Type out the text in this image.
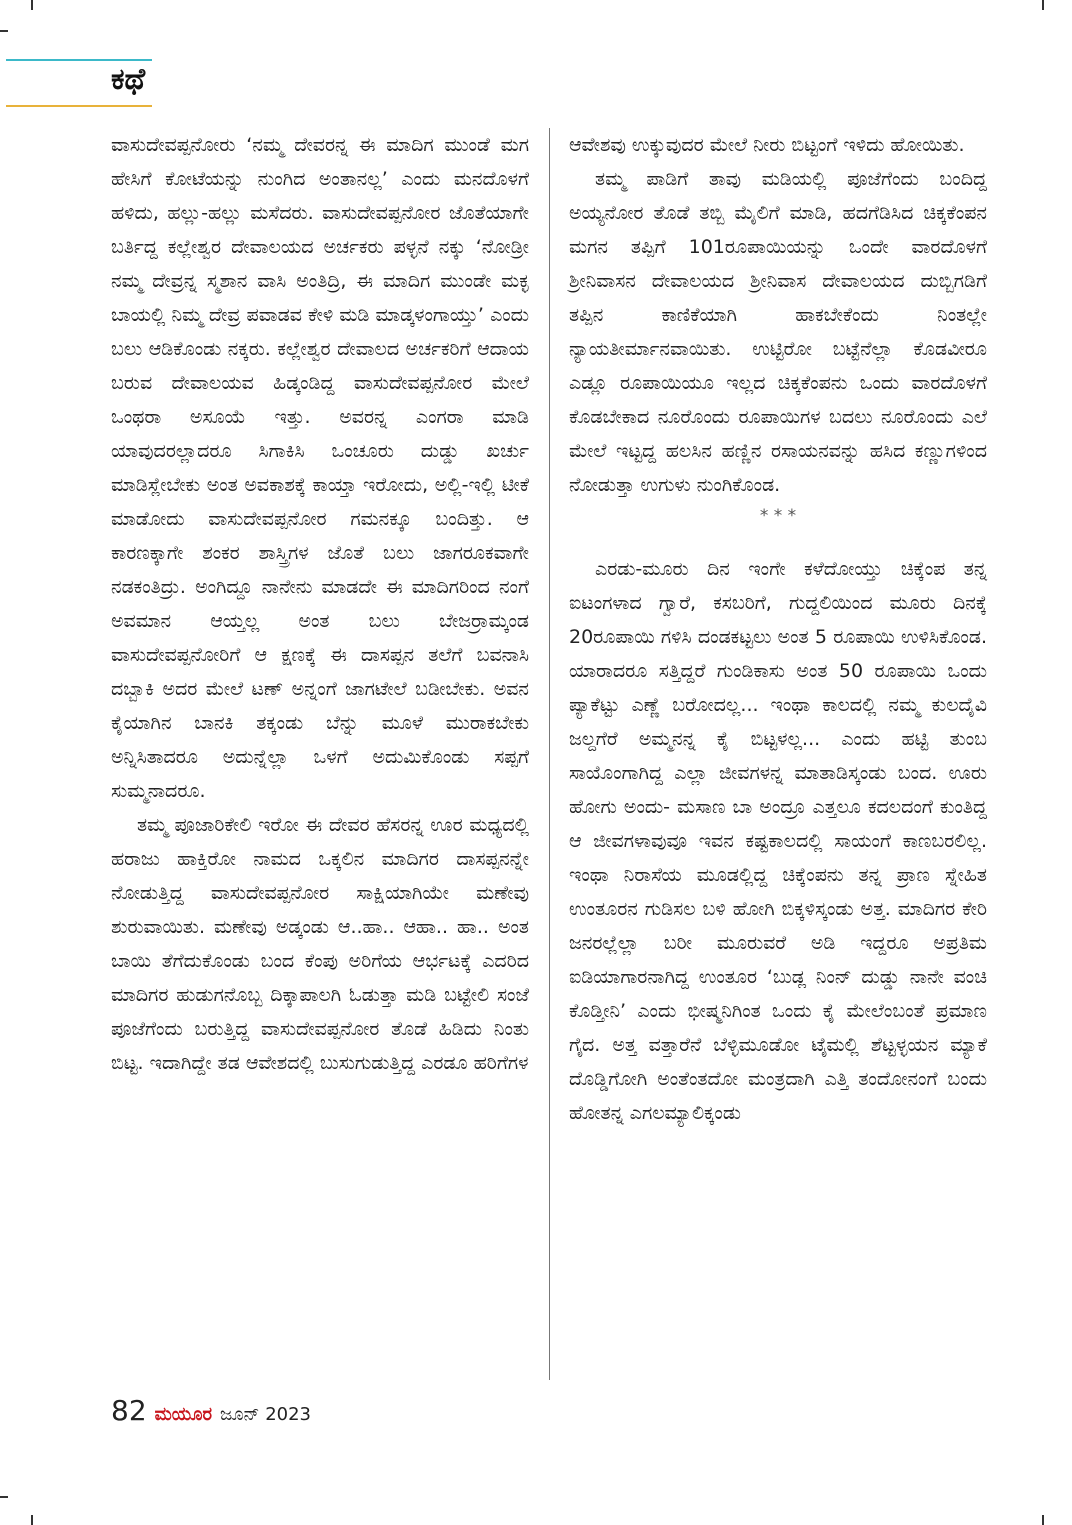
ಕಥೆ

ವಾಸುದೇವಪ್ಪನೋರು ‘ನಮ್ಮ ದೇವರನ್ನ ಈ ಮಾದಿಗ ಮುಂಡೆ ಮಗ ಹೇಸಿಗೆ ಕೋಟೆಯನ್ನು ನುಂಗಿದ ಅಂತಾನಲ್ಲ’ ಎಂದು ಮನದೊಳಗೆ ಹಳಿದು, ಹಲ್ಲು-ಹಲ್ಲು ಮಸೆದರು. ವಾಸುದೇವಪ್ಪನೋರ ಜೊತೆಯಾಗೇ ಬರ್ತಿದ್ದ ಕಲ್ಲೇಶ್ವರ ದೇವಾಲಯದ ಅರ್ಚಕರು ಪಳ್ಳನೆ ನಕ್ಕು ‘ನೋಡ್ರೀ ನಮ್ಮ ದೇವ್ರನ್ನ ಸ್ಮಶಾನ ವಾಸಿ ಅಂತಿದ್ರಿ, ಈ ಮಾದಿಗ ಮುಂಡೇ ಮಕ್ಳ ಬಾಯಲ್ಲಿ ನಿಮ್ಮ ದೇವ್ರ ಪವಾಡವ ಕೇಳಿ ಮಡಿ ಮಾಡ್ಕಳಂಗಾಯ್ತು’ ಎಂದು ಬಲು ಆಡಿಕೊಂಡು ನಕ್ಕರು. ಕಲ್ಲೇಶ್ವರ ದೇವಾಲದ ಅರ್ಚಕರಿಗೆ ಆದಾಯ ಬರುವ ದೇವಾಲಯವ ಹಿಡ್ಕಂಡಿದ್ದ ವಾಸುದೇವಪ್ಪನೋರ ಮೇಲೆ ಒಂಥರಾ ಅಸೂಯೆ ಇತ್ತು. ಅವರನ್ನ ಎಂಗರಾ ಮಾಡಿ ಯಾವುದರಲ್ಲಾದರೂ ಸಿಗಾಕಿಸಿ ಒಂಚೂರು ದುಡ್ಡು ಖರ್ಚು ಮಾಡಿಸ್ಲೇಬೇಕು ಅಂತ ಅವಕಾಶಕ್ಕೆ ಕಾಯ್ತಾ ಇರೋದು, ಅಲ್ಲಿ-ಇಲ್ಲಿ ಟೀಕೆ ಮಾಡೋದು ವಾಸುದೇವಪ್ಪನೋರ ಗಮನಕ್ಕೂ ಬಂದಿತ್ತು. ಆ ಕಾರಣಕ್ಕಾಗೇ ಶಂಕರ ಶಾಸ್ತ್ರಿಗಳ ಜೊತೆ ಬಲು ಜಾಗರೂಕವಾಗೇ ನಡಕಂತಿದ್ರು. ಅಂಗಿದ್ದೂ ನಾನೇನು ಮಾಡದೇ ಈ ಮಾದಿಗರಿಂದ ನಂಗೆ ಅವಮಾನ ಆಯ್ತಲ್ಲ ಅಂತ ಬಲು ಬೇಜರ್ರಾಮ್ಕಂಡ ವಾಸುದೇವಪ್ಪನೋರಿಗೆ ಆ ಕ್ಷಣಕ್ಕೆ ಈ ದಾಸಪ್ಪನ ತಲೆಗೆ ಬವನಾಸಿ ದಬ್ಬಾಕಿ ಅದರ ಮೇಲೆ ಟಣ್ ಅನ್ನಂಗೆ ಜಾಗಟೇಲೆ ಬಡೀಬೇಕು. ಅವನ ಕೈಯಾಗಿನ ಬಾನಕಿ ತಕ್ಕಂಡು ಬೆನ್ನು ಮೂಳೆ ಮುರಾಕಬೇಕು ಅನ್ನಿಸಿತಾದರೂ ಅದುನ್ನೆಲ್ಲಾ ಒಳಗೆ ಅದುಮಿಕೊಂಡು ಸಪ್ಪಗೆ ಸುಮ್ಮನಾದರೂ.

ತಮ್ಮ ಪೂಜಾರಿಕೇಲಿ ಇರೋ ಈ ದೇವರ ಹೆಸರನ್ನ ಊರ ಮಧ್ಯದಲ್ಲಿ ಹರಾಜು ಹಾಕ್ತಿರೋ ನಾಮದ ಒಕ್ಕಲಿನ ಮಾದಿಗರ ದಾಸಪ್ಪನನ್ನೇ ನೋಡುತ್ತಿದ್ದ ವಾಸುದೇವಪ್ಪನೋರ ಸಾಕ್ಷಿಯಾಗಿಯೇ ಮಣೇವು ಶುರುವಾಯಿತು. ಮಣೇವು ಅಡ್ಕಂಡು ಆ..ಹಾ.. ಆಹಾ.. ಹಾ.. ಅಂತ ಬಾಯಿ ತೆಗೆದುಕೊಂಡು ಬಂದ ಕೆಂಪು ಅರಿಗೆಯ ಆರ್ಭಟಕ್ಕೆ ಎದರಿದ ಮಾದಿಗರ ಹುಡುಗನೊಬ್ಬ ದಿಕ್ಕಾಪಾಲಗಿ ಓಡುತ್ತಾ ಮಡಿ ಬಟ್ಟೇಲಿ ಸಂಜೆ ಪೂಜೆಗೆಂದು ಬರುತ್ತಿದ್ದ ವಾಸುದೇವಪ್ಪನೋರ ತೊಡೆ ಹಿಡಿದು ನಿಂತು ಬಿಟ್ಟ. ಇದಾಗಿದ್ದೇ ತಡ ಆವೇಶದಲ್ಲಿ ಬುಸುಗುಡುತ್ತಿದ್ದ ಎರಡೂ ಹರಿಗೆಗಳ

ಆವೇಶವು ಉಕ್ಕುವುದರ ಮೇಲೆ ನೀರು ಬಿಟ್ಟಂಗೆ ಇಳಿದು ಹೋಯಿತು.

ತಮ್ಮ ಪಾಡಿಗೆ ತಾವು ಮಡಿಯಲ್ಲಿ ಪೂಜೆಗೆಂದು ಬಂದಿದ್ದ ಅಯ್ಯನೋರ ತೊಡೆ ತಬ್ಬಿ ಮೈಲಿಗೆ ಮಾಡಿ, ಹದಗೆಡಿಸಿದ ಚಿಕ್ಕಕೆಂಪನ ಮಗನ ತಪ್ಪಿಗೆ 101ರೂಪಾಯಿಯನ್ನು ಒಂದೇ ವಾರದೊಳಗೆ ಶ್ರೀನಿವಾಸನ ದೇವಾಲಯದ ಶ್ರೀನಿವಾಸ ದೇವಾಲಯದ ದುಬ್ಬಿಗಡಿಗೆ ತಪ್ಪಿನ ಕಾಣಿಕೆಯಾಗಿ ಹಾಕಬೇಕೆಂದು ನಿಂತಲ್ಲೇ ನ್ಯಾಯತೀರ್ಮಾನವಾಯಿತು. ಉಟ್ಟಿರೋ ಬಟ್ಟೆನೆಲ್ಲಾ ಕೊಡವೀರೂ ಎಡ್ಲೂ ರೂಪಾಯಿಯೂ ಇಲ್ಲದ ಚಿಕ್ಕಕೆಂಪನು ಒಂದು ವಾರದೊಳಗೆ ಕೊಡಬೇಕಾದ ನೂರೊಂದು ರೂಪಾಯಿಗಳ ಬದಲು ನೂರೊಂದು ಎಲೆ ಮೇಲೆ ಇಟ್ಟದ್ದ ಹಲಸಿನ ಹಣ್ಣಿನ ರಸಾಯನವನ್ನು ಹಸಿದ ಕಣ್ಣುಗಳಿಂದ ನೋಡುತ್ತಾ ಉಗುಳು ನುಂಗಿಕೊಂಡ.

* * *

ಎರಡು-ಮೂರು ದಿನ ಇಂಗೇ ಕಳೆದೋಯ್ತು ಚಿಕ್ಕೆಂಪ ತನ್ನ ಐಟಂಗಳಾದ ಗ್ವಾರೆ, ಕಸಬರಿಗೆ, ಗುದ್ದಲಿಯಿಂದ ಮೂರು ದಿನಕ್ಕೆ 20ರೂಪಾಯಿ ಗಳಿಸಿ ದಂಡಕಟ್ಟಲು ಅಂತ 5 ರೂಪಾಯಿ ಉಳಿಸಿಕೊಂಡ. ಯಾರಾದರೂ ಸತ್ತಿದ್ದರೆ ಗುಂಡಿಕಾಸು ಅಂತ 50 ರೂಪಾಯಿ ಒಂದು ಪ್ಯಾಕೆಟ್ಟು ಎಣ್ಣೆ ಬರೋದಲ್ಲ... ಇಂಥಾ ಕಾಲದಲ್ಲಿ ನಮ್ಮ ಕುಲದೈವಿ ಜಲ್ದಗೆರೆ ಅಮ್ಮನನ್ನ ಕೈ ಬಿಟ್ಟಳಲ್ಲ... ಎಂದು ಹಟ್ಟಿ ತುಂಬ ಸಾಯೊಂಗಾಗಿದ್ದ ಎಲ್ಲಾ ಜೀವಗಳನ್ನ ಮಾತಾಡಿಸ್ಕಂಡು ಬಂದ. ಊರು ಹೋಗು ಅಂದು- ಮಸಾಣ ಬಾ ಅಂದ್ರೂ ಎತ್ತಲೂ ಕದಲದಂಗೆ ಕುಂತಿದ್ದ ಆ ಜೀವಗಳಾವುವೂ ಇವನ ಕಷ್ಟಕಾಲದಲ್ಲಿ ಸಾಯಂಗೆ ಕಾಣಬರಲಿಲ್ಲ. ಇಂಥಾ ನಿರಾಸೆಯ ಮೂಡಲ್ಲಿದ್ದ ಚಿಕ್ಕೆಂಪನು ತನ್ನ ಪ್ರಾಣ ಸ್ನೇಹಿತ ಉಂತೂರನ ಗುಡಿಸಲ ಬಳಿ ಹೋಗಿ ಬಿಕ್ಕಳಿಸ್ಕಂಡು ಅತ್ತ. ಮಾದಿಗರ ಕೇರಿ ಜನರಲ್ಲೆಲ್ಲಾ ಬರೀ ಮೂರುವರೆ ಅಡಿ ಇದ್ದರೂ ಅಪ್ರತಿಮ ಐಡಿಯಾಗಾರನಾಗಿದ್ದ ಉಂತೂರ ‘ಬುಡ್ಲ ನಿಂನ್ ದುಡ್ಡು ನಾನೇ ವಂಚಿ ಕೊಡ್ತೀನಿ’ ಎಂದು ಭೀಷ್ಮನಿಗಿಂತ ಒಂದು ಕೈ ಮೇಲೆಂಬಂತೆ ಪ್ರಮಾಣ ಗೈದ. ಅತ್ತ ವತ್ತಾರೆನೆ ಬೆಳ್ಳಿಮೂಡೋ ಟೈಮಲ್ಲಿ ಶೆಟ್ಟಳ್ಳಯನ ಮ್ಯಾಕೆ ದೊಡ್ಡಿಗೋಗಿ ಅಂತೆಂತದೋ ಮಂತ್ರದಾಗಿ ಎತ್ತಿ ತಂದೋನಂಗೆ ಬಂದು ಹೋತನ್ನ ಎಗಲಮ್ಯಾಲಿಕ್ಕಂಡು

82 ಮಯೂರ ಜೂನ್ 2023
